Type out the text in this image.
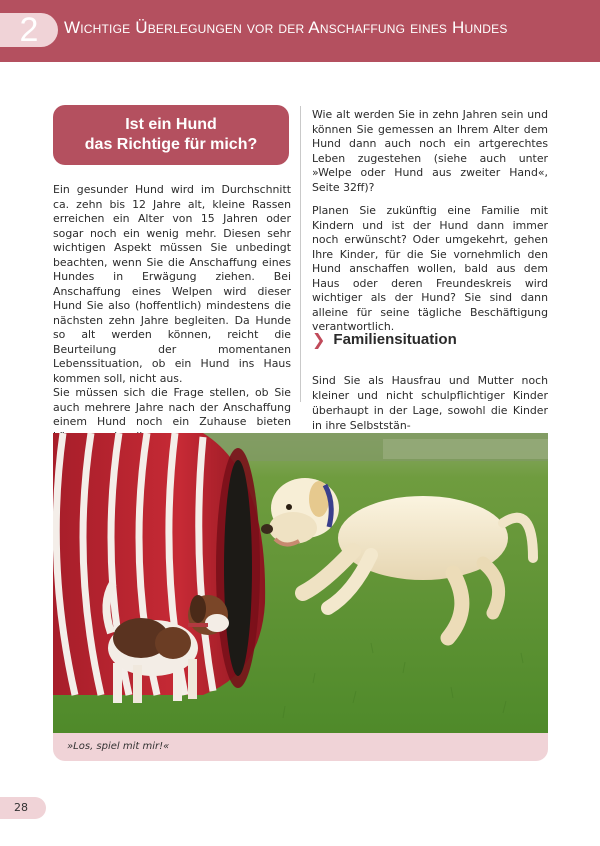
2	Wichtige Überlegungen vor der Anschaffung eines Hundes
Ist ein Hund
das Richtige für mich?

Ein gesunder Hund wird im Durchschnitt ca. zehn bis 12 Jahre alt, kleine Rassen erreichen ein Alter von 15 Jahren oder sogar noch ein wenig mehr. Diesen sehr wichtigen Aspekt müssen Sie unbedingt beachten, wenn Sie die Anschaffung eines Hundes in Erwägung ziehen. Bei Anschaffung eines Welpen wird dieser Hund Sie also (hoffentlich) mindestens die nächsten zehn Jahre begleiten. Da Hunde so alt werden können, reicht die Beurteilung der momentanen Lebenssituation, ob ein Hund ins Haus kommen soll, nicht aus.

Sie müssen sich die Frage stellen, ob Sie auch mehrere Jahre nach der Anschaffung einem Hund noch ein Zuhause bieten

Wie alt werden Sie in zehn Jahren sein und können Sie gemessen an Ihrem Alter dem Hund dann auch noch ein artgerechtes Leben zugestehen (siehe auch unter »Welpe oder Hund aus zweiter Hand«, Seite 32ff)?

Planen Sie zukünftig eine Familie mit Kindern und ist der Hund dann immer noch erwünscht? Oder umgekehrt, gehen Ihre Kinder, für die Sie vornehmlich den Hund anschaffen wollen, bald aus dem Haus oder deren Freundeskreis wird wichtiger als der Hund? Sie sind dann alleine für seine tägliche Beschäftigung verantwortlich.

❯ Familiensituation

Sind Sie als Hausfrau und Mutter noch kleiner und nicht schulpflichtiger Kinder überhaupt in der Lage, sowohl die Kinder in ihre Selbststän-

»Los, spiel mit mir!«
28
